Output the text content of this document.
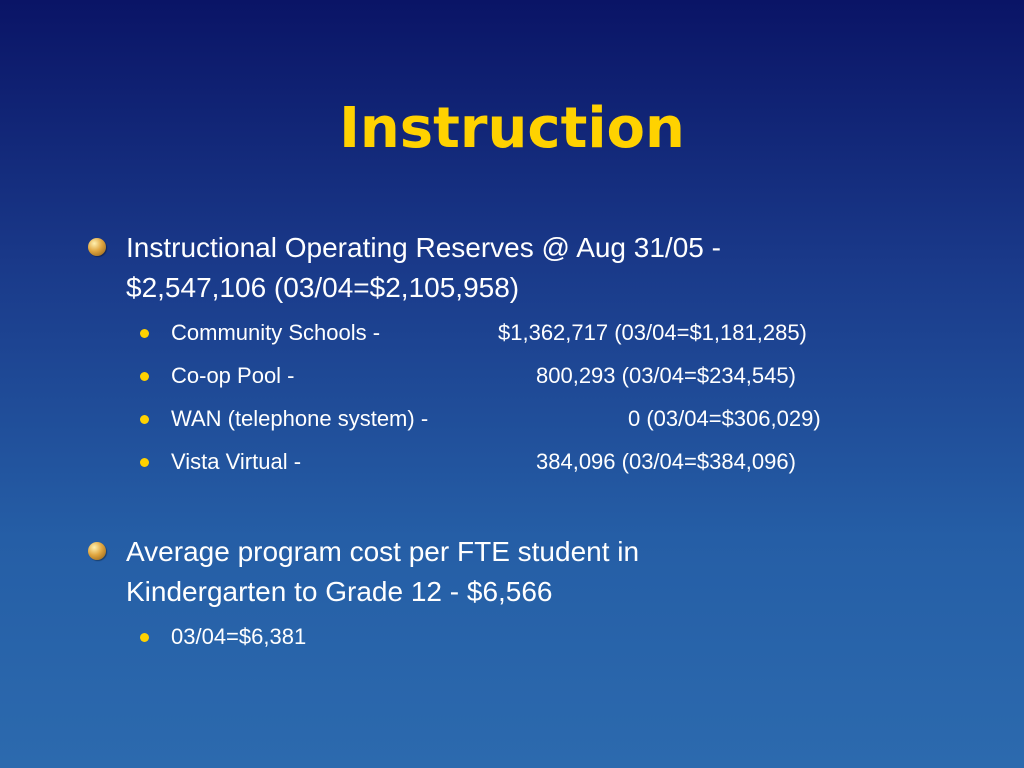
Instruction
Instructional Operating Reserves @ Aug 31/05 -
$2,547,106 (03/04=$2,105,958)
Community Schools -	$1,362,717 (03/04=$1,181,285)
Co-op Pool -	800,293 (03/04=$234,545)
WAN (telephone system) -	0 (03/04=$306,029)
Vista Virtual -	384,096 (03/04=$384,096)
Average program cost per FTE student in
Kindergarten to Grade 12 - $6,566
03/04=$6,381
